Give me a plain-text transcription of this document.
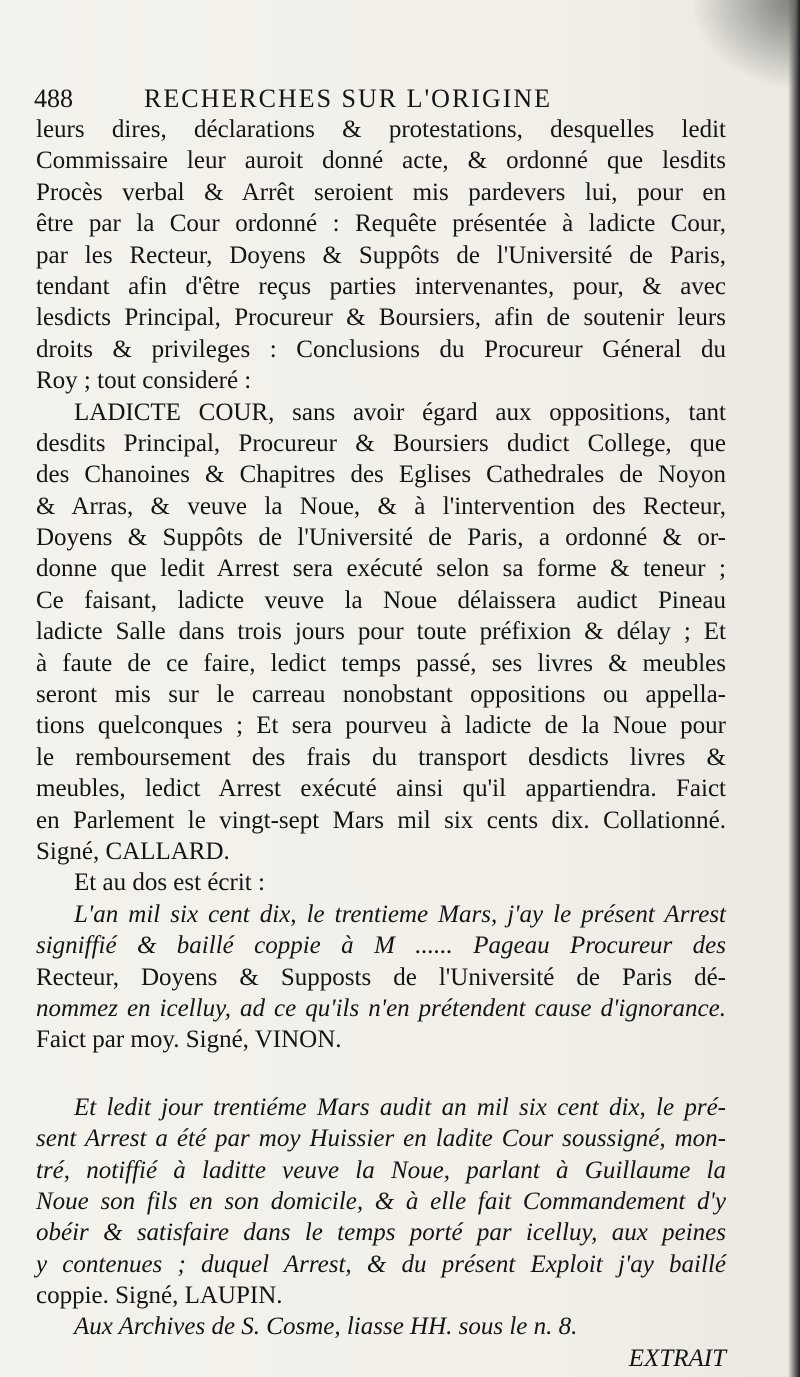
488	RECHERCHES SUR L'ORIGINE
leurs dires, déclarations & protestations, desquelles ledit
Commissaire leur auroit donné acte, & ordonné que lesdits
Procès verbal & Arrêt seroient mis pardevers lui, pour en
être par la Cour ordonné : Requête présentée à ladicte Cour,
par les Recteur, Doyens & Suppôts de l'Université de Paris,
tendant afin d'être reçus parties intervenantes, pour, & avec
lesdicts Principal, Procureur & Boursiers, afin de soutenir leurs
droits & privileges : Conclusions du Procureur Géneral du
Roy ; tout consideré :
LADICTE COUR, sans avoir égard aux oppositions, tant
desdits Principal, Procureur & Boursiers dudict College, que
des Chanoines & Chapitres des Eglises Cathedrales de Noyon
& Arras, & veuve la Noue, & à l'intervention des Recteur,
Doyens & Suppôts de l'Université de Paris, a ordonné & or-
donne que ledit Arrest sera exécuté selon sa forme & teneur ;
Ce faisant, ladicte veuve la Noue délaissera audict Pineau
ladicte Salle dans trois jours pour toute préfixion & délay ; Et
à faute de ce faire, ledict temps passé, ses livres & meubles
seront mis sur le carreau nonobstant oppositions ou appella-
tions quelconques ; Et sera pourveu à ladicte de la Noue pour
le remboursement des frais du transport desdicts livres &
meubles, ledict Arrest exécuté ainsi qu'il appartiendra. Faict
en Parlement le vingt-sept Mars mil six cents dix. Collationné.
Signé, CALLARD.
Et au dos est écrit :
L'an mil six cent dix, le trentieme Mars, j'ay le présent Arrest
signiffié & baillé coppie à M ...... Pageau Procureur des
Recteur, Doyens & Supposts de l'Université de Paris dé-
nommez en icelluy, ad ce qu'ils n'en prétendent cause d'ignorance.
Faict par moy. Signé, VINON.
Et ledit jour trentiéme Mars audit an mil six cent dix, le pré-
sent Arrest a été par moy Huissier en ladite Cour soussigné, mon-
tré, notiffié à laditte veuve la Noue, parlant à Guillaume la
Noue son fils en son domicile, & à elle fait Commandement d'y
obéir & satisfaire dans le temps porté par icelluy, aux peines
y contenues ; duquel Arrest, & du présent Exploit j'ay baillé
coppie. Signé, LAUPIN.
Aux Archives de S. Cosme, liasse HH. sous le n. 8.
EXTRAIT
